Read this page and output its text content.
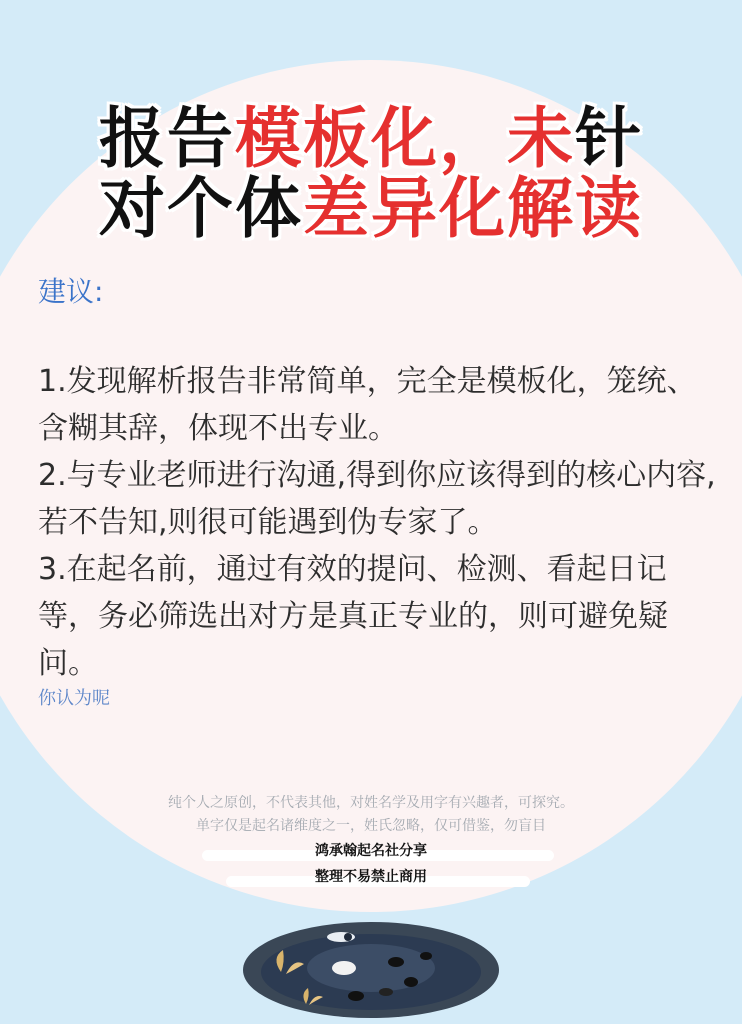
报告模板化，未针
对个体差异化解读
建议:
1.发现解析报告非常简单，完全是模板化，笼统、含糊其辞，体现不出专业。
2.与专业老师进行沟通,得到你应该得到的核心内容,若不告知,则很可能遇到伪专家了。
3.在起名前，通过有效的提问、检测、看起日记等，务必筛选出对方是真正专业的，则可避免疑问。
你认为呢
纯个人之原创，不代表其他，对姓名学及用字有兴趣者，可探究。
单字仅是起名诸维度之一，姓氏忽略，仅可借鉴，勿盲目
鸿承翰起名社分享
整理不易禁止商用
